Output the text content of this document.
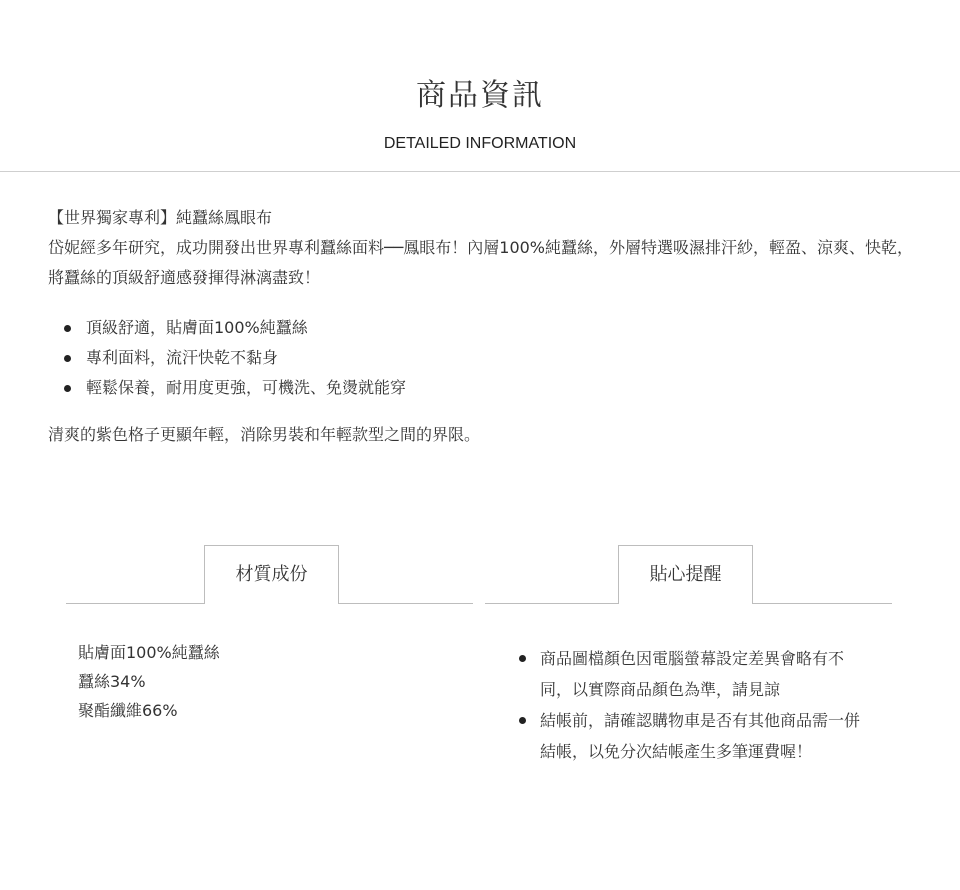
商品資訊
DETAILED INFORMATION

【世界獨家專利】純蠶絲鳳眼布

岱妮經多年研究，成功開發出世界專利蠶絲面料──鳳眼布！內層100%純蠶絲，外層特選吸濕排汗紗，輕盈、涼爽、快乾，將蠶絲的頂級舒適感發揮得淋漓盡致！

頂級舒適，貼膚面100%純蠶絲
專利面料，流汗快乾不黏身
輕鬆保養，耐用度更強，可機洗、免燙就能穿

清爽的紫色格子更顯年輕，消除男裝和年輕款型之間的界限。

材質成份	貼心提醒
貼膚面100%純蠶絲
蠶絲34%
聚酯纖維66%
商品圖檔顏色因電腦螢幕設定差異會略有不同，以實際商品顏色為準，請見諒
結帳前，請確認購物車是否有其他商品需一併結帳，以免分次結帳產生多筆運費喔！
